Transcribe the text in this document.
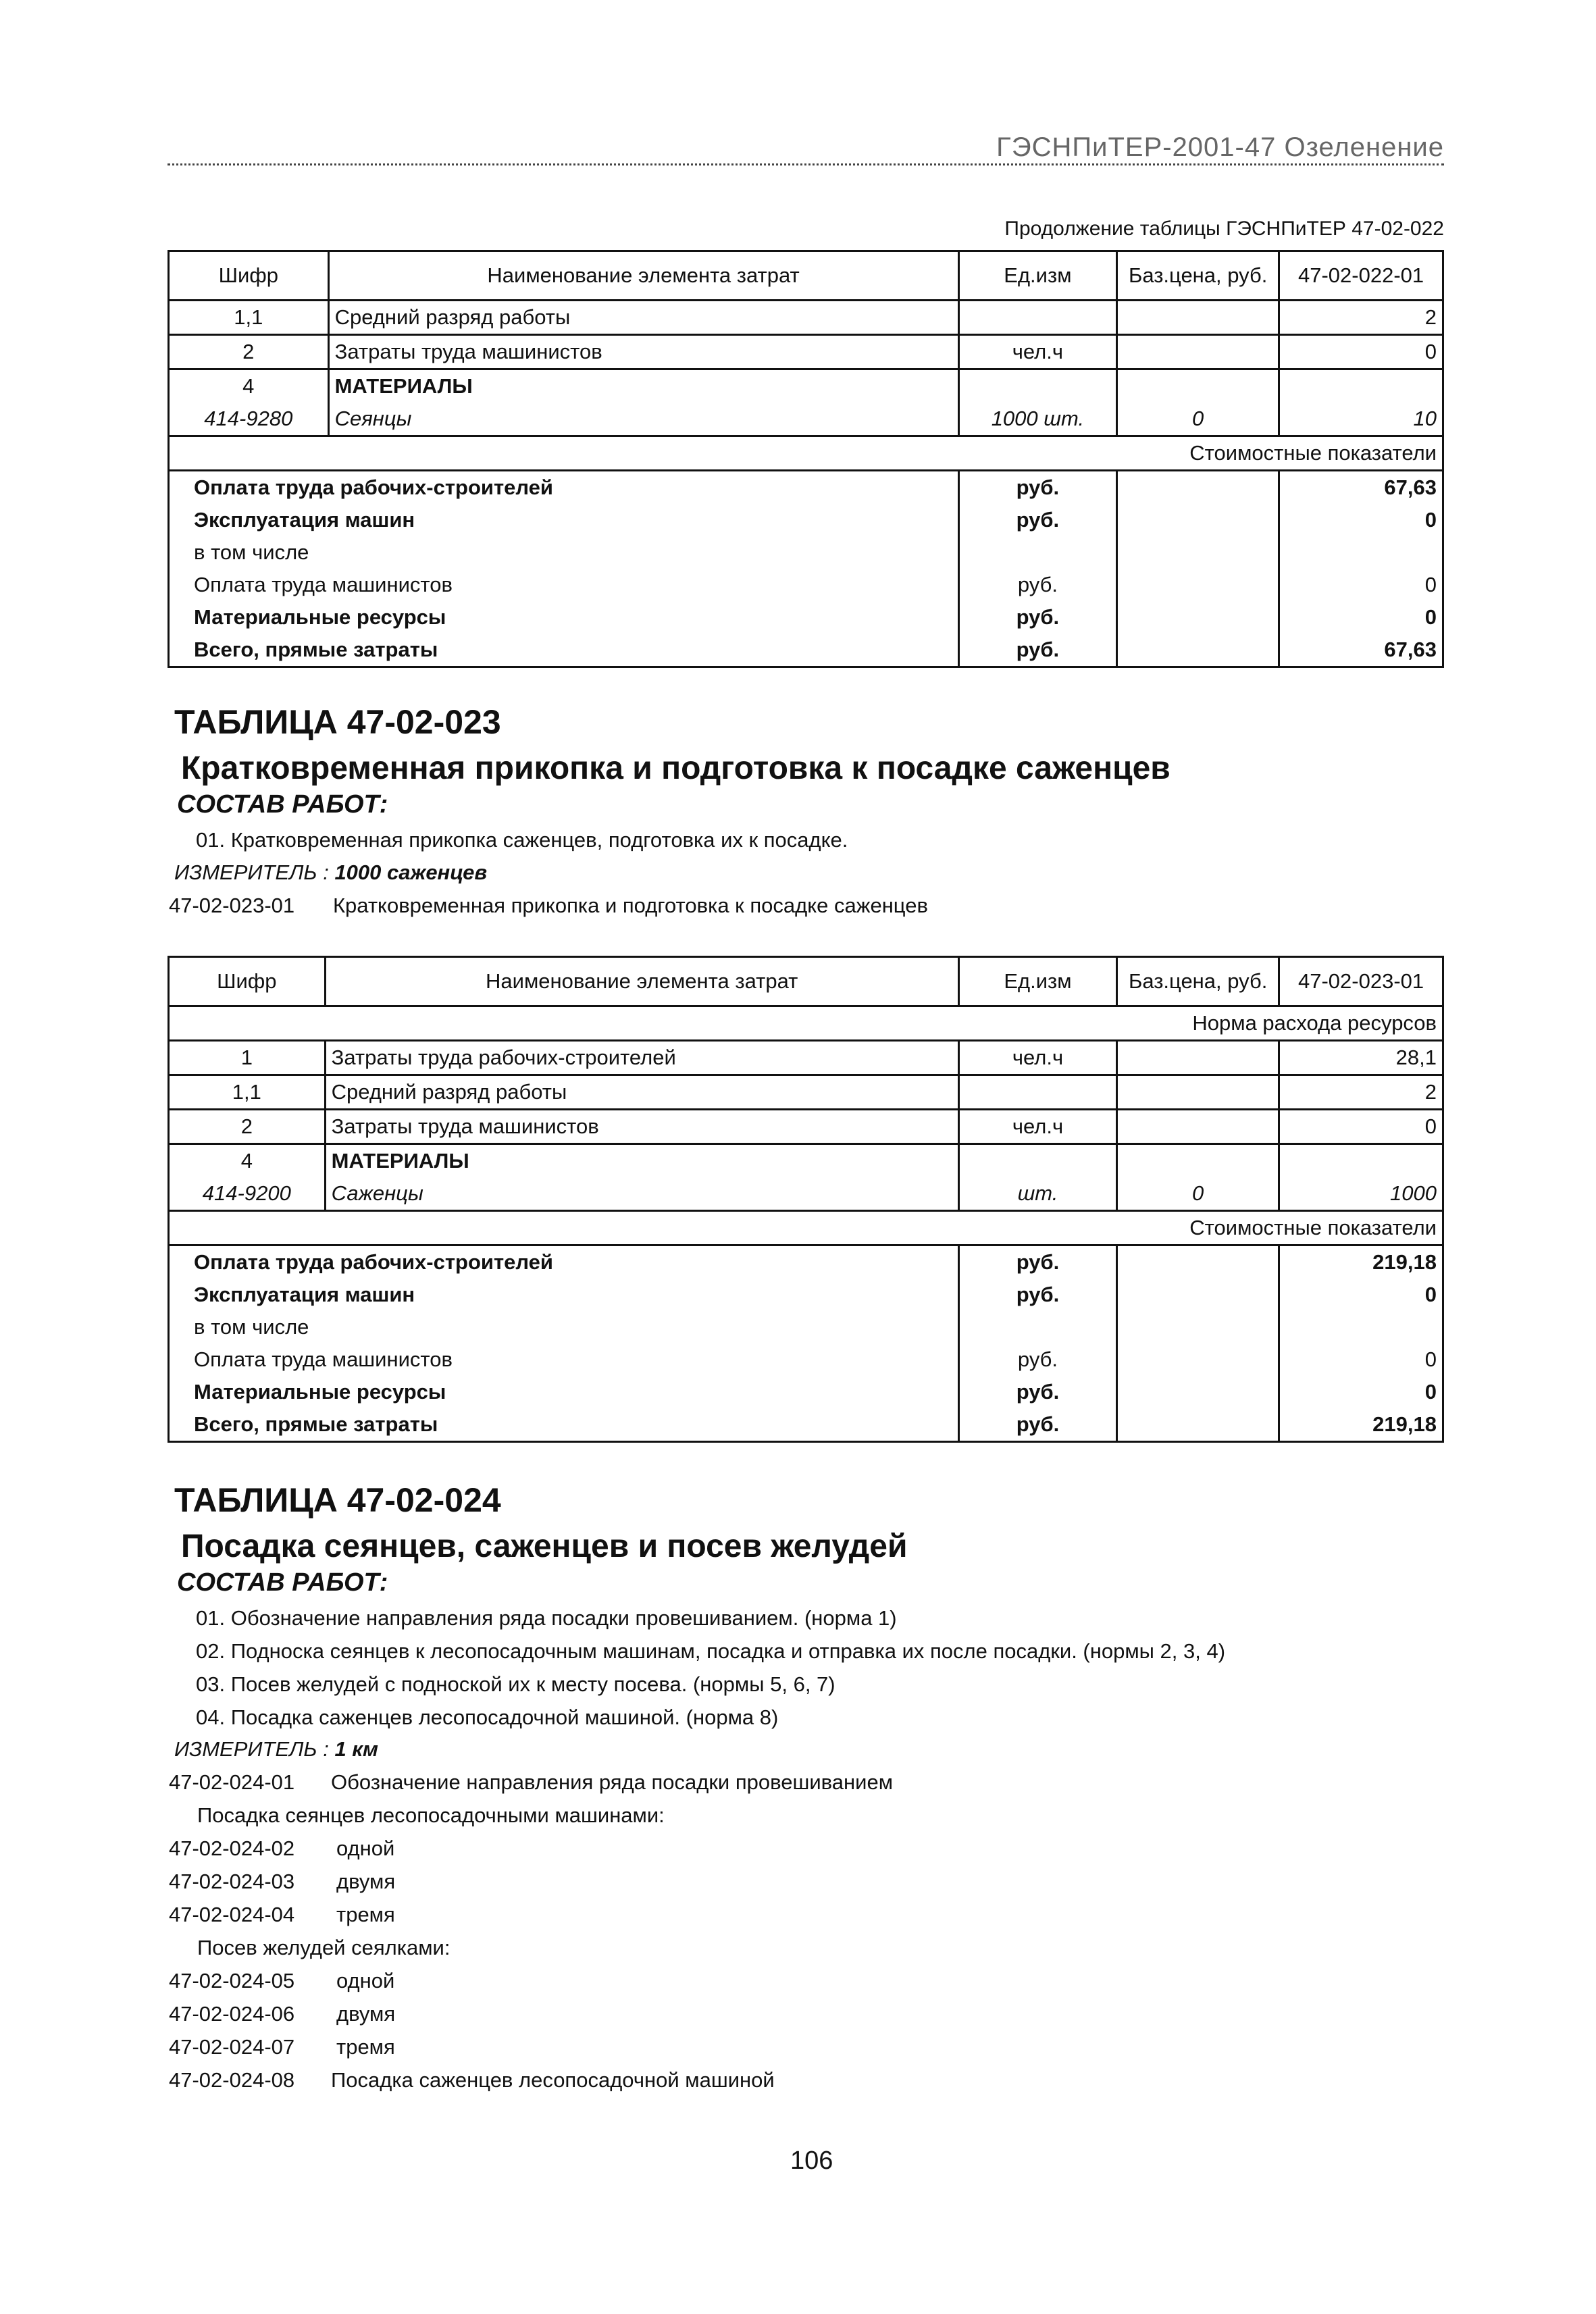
ГЭСНПиТЕР-2001-47 Озеленение
Продолжение таблицы ГЭСНПиТЕР 47-02-022
Шифр	Наименование элемента затрат	Ед.изм	Баз.цена, руб.	47-02-022-01
1,1	Средний разряд работы			2
2	Затраты труда машинистов	чел.ч		0
4	МАТЕРИАЛЫ			
414-9280	Сеянцы	1000 шт.	0	10
Стоимостные показатели				
Оплата труда рабочих-строителей		руб.		67,63
Эксплуатация машин		руб.		0
в том числе				
Оплата труда машинистов		руб.		0
Материальные ресурсы		руб.		0
Всего, прямые затраты		руб.		67,63
ТАБЛИЦА 47-02-023
Кратковременная прикопка и подготовка к посадке саженцев
СОСТАВ РАБОТ:
01. Кратковременная прикопка саженцев, подготовка их к посадке.
ИЗМЕРИТЕЛЬ : 1000 саженцев
47-02-023-01 Кратковременная прикопка и подготовка к посадке саженцев
Шифр	Наименование элемента затрат	Ед.изм	Баз.цена, руб.	47-02-023-01
Норма расхода ресурсов				
1	Затраты труда рабочих-строителей	чел.ч		28,1
1,1	Средний разряд работы			2
2	Затраты труда машинистов	чел.ч		0
4	МАТЕРИАЛЫ			
414-9200	Саженцы	шт.	0	1000
Стоимостные показатели				
Оплата труда рабочих-строителей		руб.		219,18
Эксплуатация машин		руб.		0
в том числе				
Оплата труда машинистов		руб.		0
Материальные ресурсы		руб.		0
Всего, прямые затраты		руб.		219,18
ТАБЛИЦА 47-02-024
Посадка сеянцев, саженцев и посев желудей
СОСТАВ РАБОТ:
01. Обозначение направления ряда посадки провешиванием. (норма 1)
02. Подноска сеянцев к лесопосадочным машинам, посадка и отправка их после посадки. (нормы 2, 3, 4)
03. Посев желудей с подноской их к месту посева. (нормы 5, 6, 7)
04. Посадка саженцев лесопосадочной машиной. (норма 8)
ИЗМЕРИТЕЛЬ : 1 км
47-02-024-01 Обозначение направления ряда посадки провешиванием
Посадка сеянцев лесопосадочными машинами:
47-02-024-02 одной
47-02-024-03 двумя
47-02-024-04 тремя
Посев желудей сеялками:
47-02-024-05 одной
47-02-024-06 двумя
47-02-024-07 тремя
47-02-024-08 Посадка саженцев лесопосадочной машиной
106
